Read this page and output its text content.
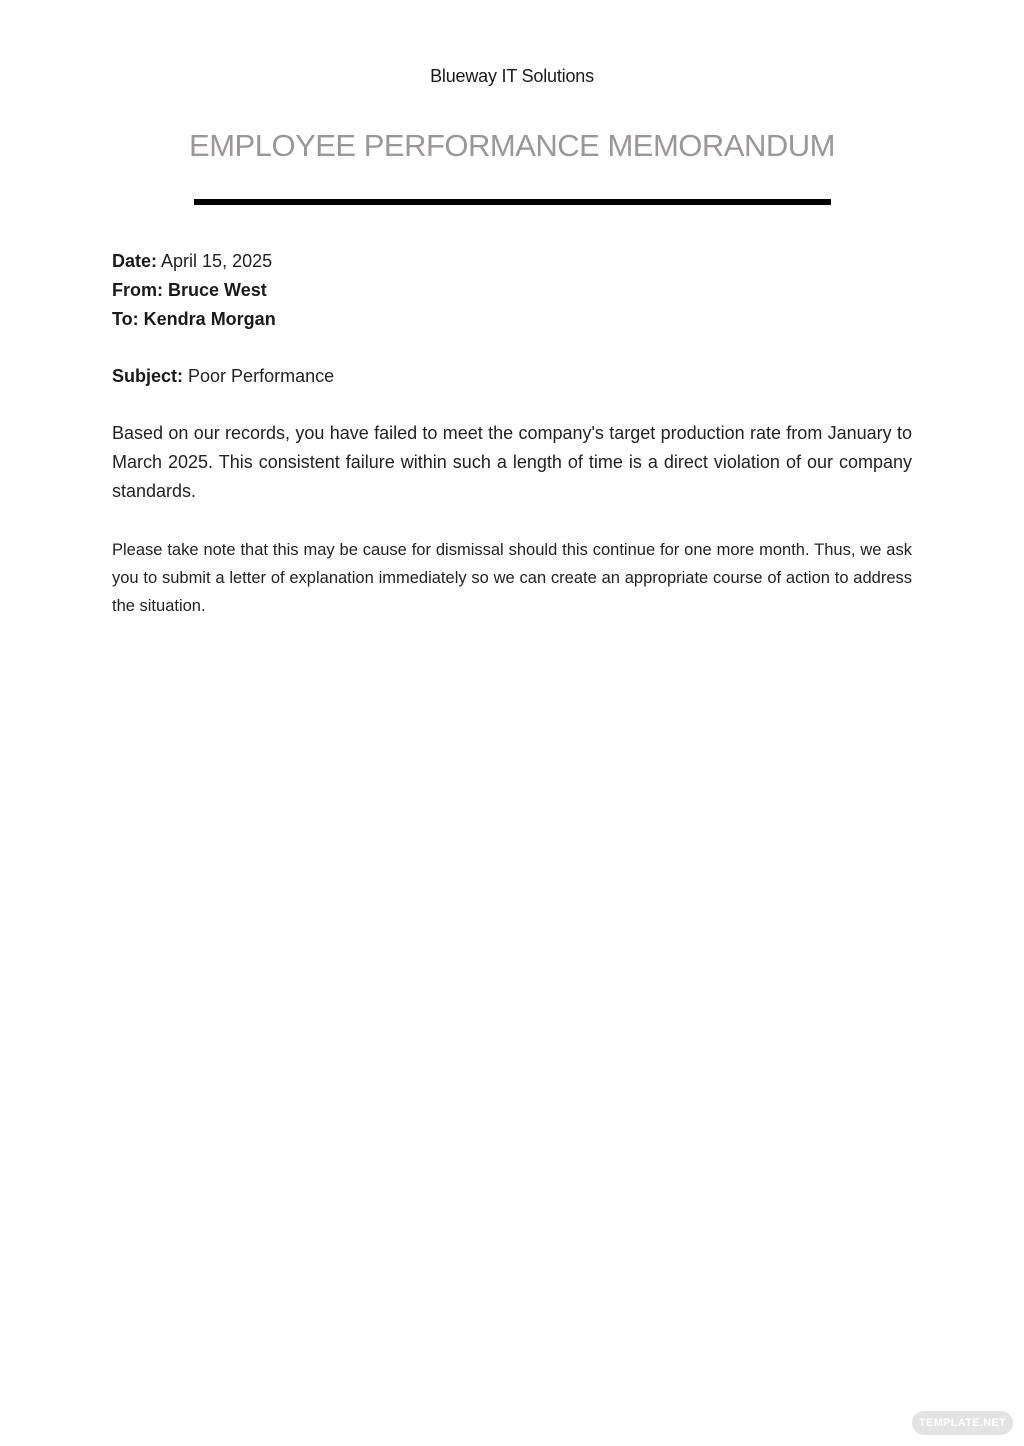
Blueway IT Solutions
EMPLOYEE PERFORMANCE MEMORANDUM
Date: April 15, 2025
From: Bruce West
To: Kendra Morgan
Subject: Poor Performance
Based on our records, you have failed to meet the company's target production rate from January to March 2025. This consistent failure within such a length of time is a direct violation of our company standards.
Please take note that this may be cause for dismissal should this continue for one more month. Thus, we ask you to submit a letter of explanation immediately so we can create an appropriate course of action to address the situation.
TEMPLATE.NET
